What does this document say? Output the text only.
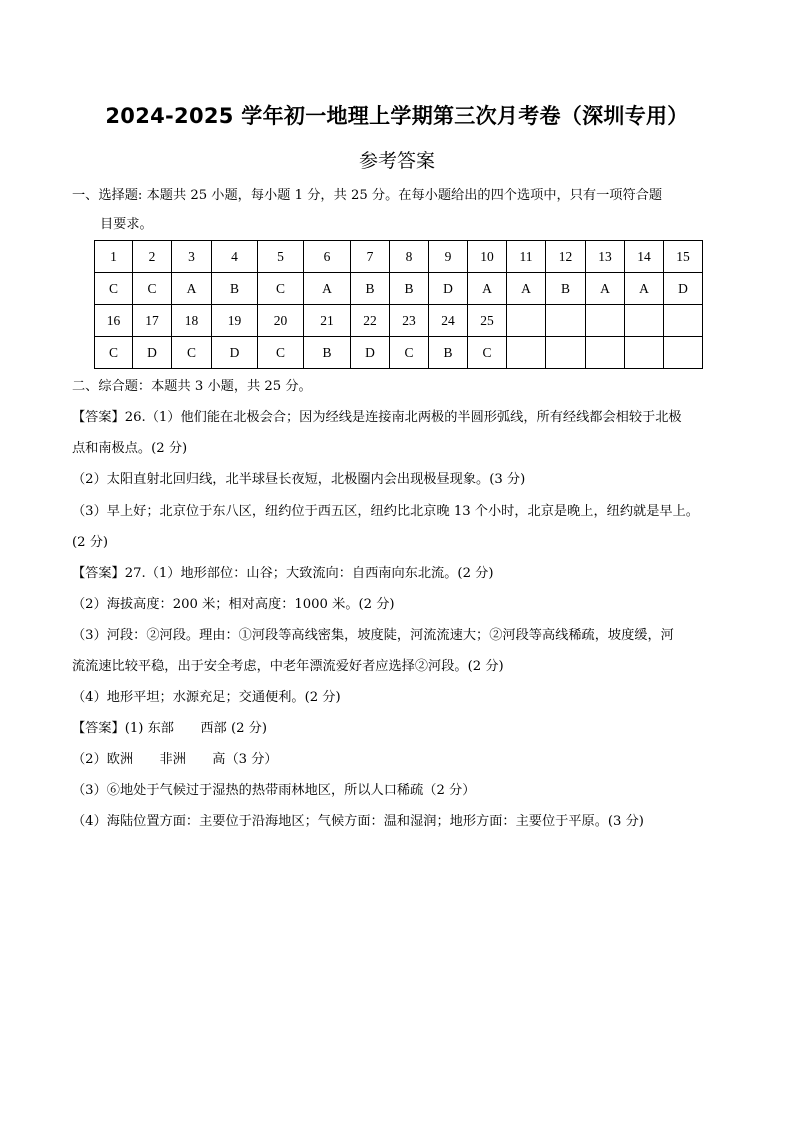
2024-2025 学年初一地理上学期第三次月考卷（深圳专用）
参考答案
一、选择题: 本题共 25 小题，每小题 1 分，共 25 分。在每小题给出的四个选项中，只有一项符合题
目要求。
1	2	3	4	5	6	7	8	9	10	11	12	13	14	15
C	C	A	B	C	A	B	B	D	A	A	B	A	A	D
16	17	18	19	20	21	22	23	24	25					
C	D	C	D	C	B	D	C	B	C					
二、综合题：本题共 3 小题，共 25 分。
【答案】26.（1）他们能在北极会合；因为经线是连接南北两极的半圆形弧线，所有经线都会相较于北极
点和南极点。(2 分)
（2）太阳直射北回归线，北半球昼长夜短，北极圈内会出现极昼现象。(3 分)
（3）早上好；北京位于东八区，纽约位于西五区，纽约比北京晚 13 个小时，北京是晚上，纽约就是早上。
(2 分)
【答案】27.（1）地形部位：山谷；大致流向：自西南向东北流。(2 分)
（2）海拔高度：200 米；相对高度：1000 米。(2 分)
（3）河段：②河段。理由：①河段等高线密集，坡度陡，河流流速大；②河段等高线稀疏，坡度缓，河
流流速比较平稳，出于安全考虑，中老年漂流爱好者应选择②河段。(2 分)
（4）地形平坦；水源充足；交通便利。(2 分)
【答案】(1) 东部　　西部 (2 分)
（2）欧洲　　非洲　　高（3 分）
（3）⑥地处于气候过于湿热的热带雨林地区，所以人口稀疏（2 分）
（4）海陆位置方面：主要位于沿海地区；气候方面：温和湿润；地形方面：主要位于平原。(3 分)
